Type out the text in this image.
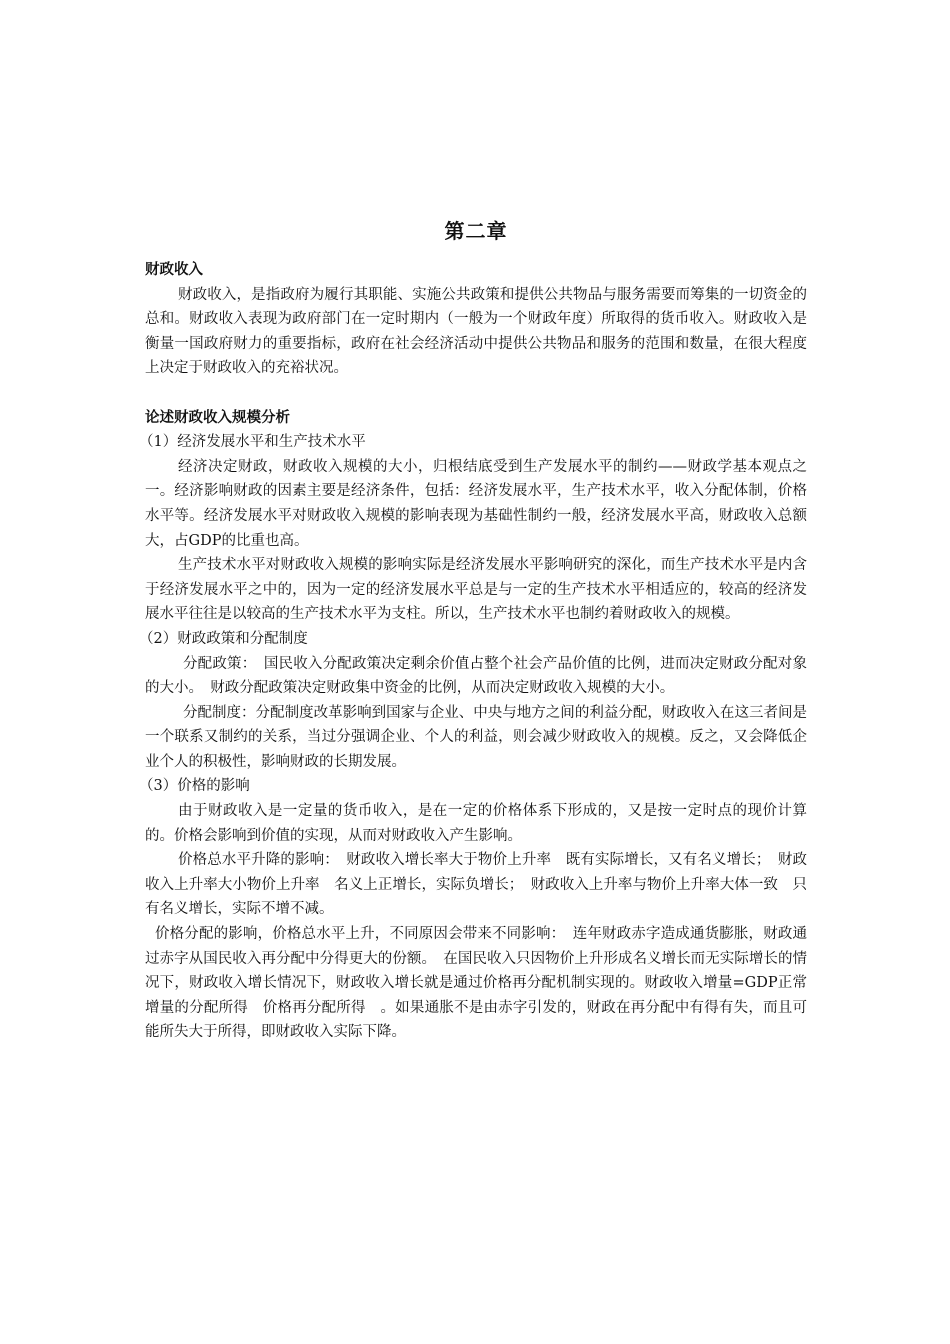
第二章
财政收入

财政收入，是指政府为履行其职能、实施公共政策和提供公共物品与服务需要而筹集的一切资金的总和。财政收入表现为政府部门在一定时期内（一般为一个财政年度）所取得的货币收入。财政收入是衡量一国政府财力的重要指标，政府在社会经济活动中提供公共物品和服务的范围和数量，在很大程度上决定于财政收入的充裕状况。

论述财政收入规模分析
（1）经济发展水平和生产技术水平

经济决定财政，财政收入规模的大小，归根结底受到生产发展水平的制约——财政学基本观点之一。经济影响财政的因素主要是经济条件，包括：经济发展水平，生产技术水平，收入分配体制，价格水平等。经济发展水平对财政收入规模的影响表现为基础性制约一般，经济发展水平高，财政收入总额大，占GDP的比重也高。

生产技术水平对财政收入规模的影响实际是经济发展水平影响研究的深化，而生产技术水平是内含于经济发展水平之中的，因为一定的经济发展水平总是与一定的生产技术水平相适应的，较高的经济发展水平往往是以较高的生产技术水平为支柱。所以，生产技术水平也制约着财政收入的规模。

（2）财政政策和分配制度

分配政策：　国民收入分配政策决定剩余价值占整个社会产品价值的比例，进而决定财政分配对象的大小。　财政分配政策决定财政集中资金的比例，从而决定财政收入规模的大小。

分配制度：分配制度改革影响到国家与企业、中央与地方之间的利益分配，财政收入在这三者间是一个联系又制约的关系，当过分强调企业、个人的利益，则会减少财政收入的规模。反之，又会降低企业个人的积极性，影响财政的长期发展。

（3）价格的影响

由于财政收入是一定量的货币收入，是在一定的价格体系下形成的，又是按一定时点的现价计算的。价格会影响到价值的实现，从而对财政收入产生影响。

价格总水平升降的影响：　财政收入增长率大于物价上升率　既有实际增长，又有名义增长；　财政收入上升率大小物价上升率　名义上正增长，实际负增长；　财政收入上升率与物价上升率大体一致　只有名义增长，实际不增不减。

价格分配的影响，价格总水平上升，不同原因会带来不同影响：　连年财政赤字造成通货膨胀，财政通过赤字从国民收入再分配中分得更大的份额。　在国民收入只因物价上升形成名义增长而无实际增长的情况下，财政收入增长情况下，财政收入增长就是通过价格再分配机制实现的。财政收入增量=GDP正常增量的分配所得　价格再分配所得　。如果通胀不是由赤字引发的，财政在再分配中有得有失，而且可能所失大于所得，即财政收入实际下降。
